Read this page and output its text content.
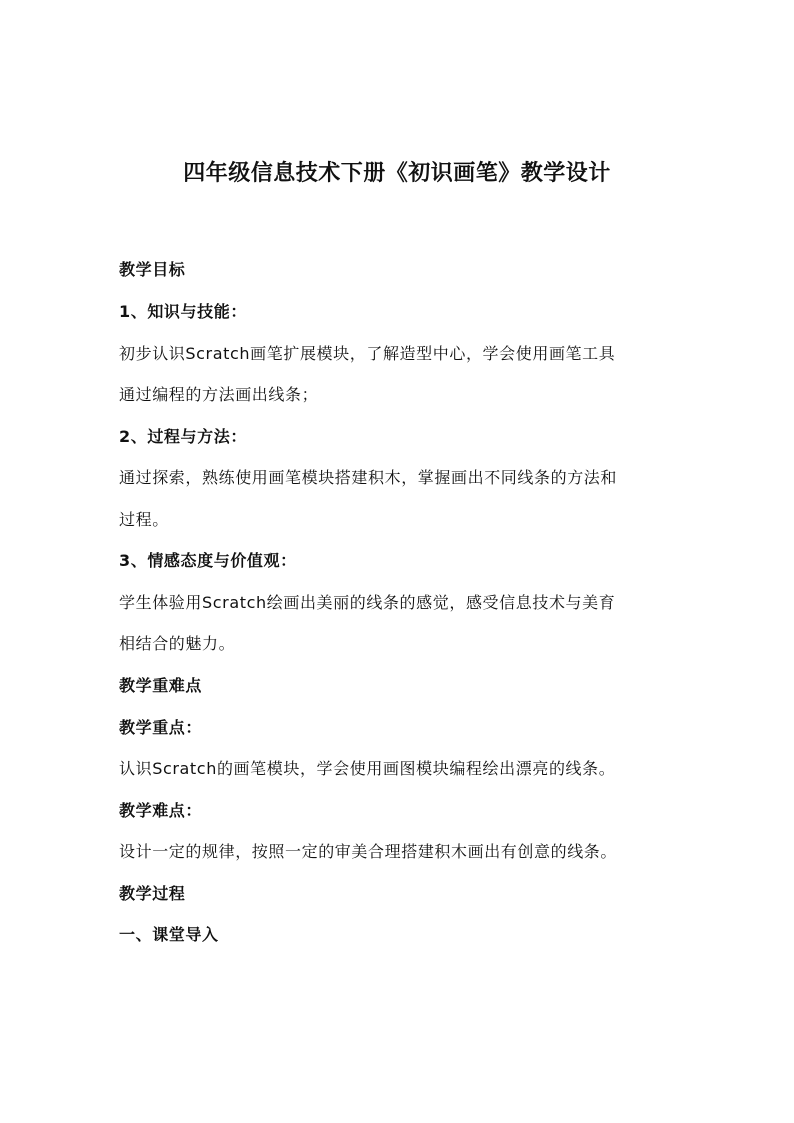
四年级信息技术下册《初识画笔》教学设计
教学目标
1、知识与技能：
初步认识Scratch画笔扩展模块，了解造型中心，学会使用画笔工具
通过编程的方法画出线条；
2、过程与方法：
通过探索，熟练使用画笔模块搭建积木，掌握画出不同线条的方法和
过程。
3、情感态度与价值观：
学生体验用Scratch绘画出美丽的线条的感觉，感受信息技术与美育
相结合的魅力。
教学重难点
教学重点：
认识Scratch的画笔模块，学会使用画图模块编程绘出漂亮的线条。
教学难点：
设计一定的规律，按照一定的审美合理搭建积木画出有创意的线条。
教学过程
一、课堂导入
